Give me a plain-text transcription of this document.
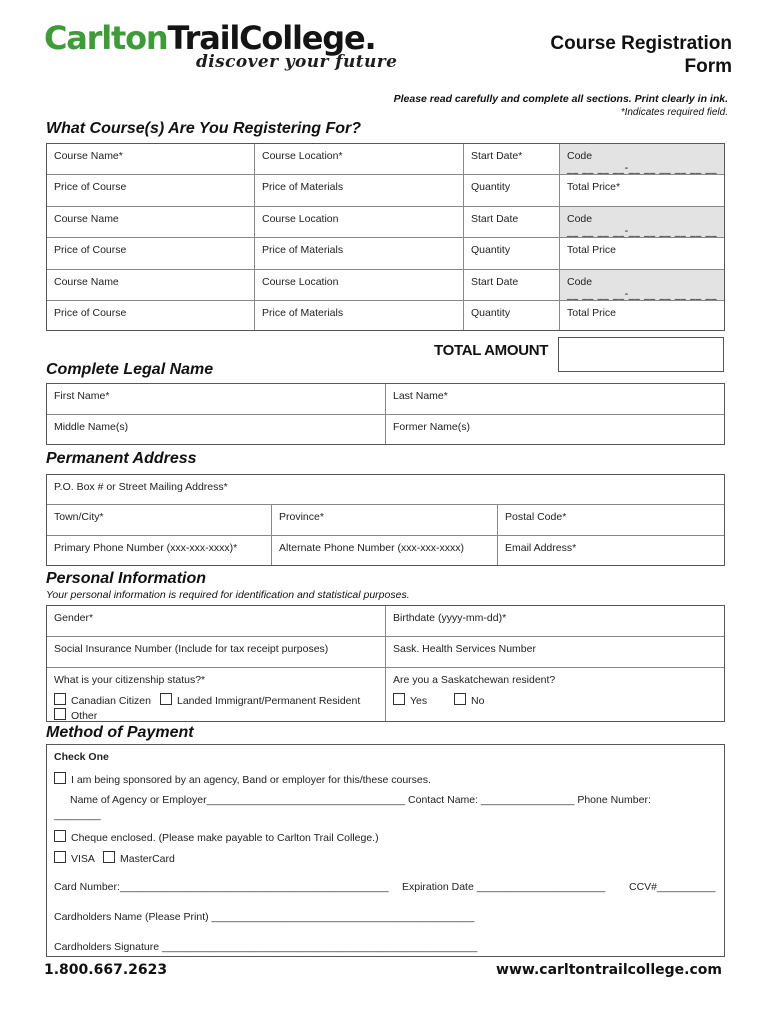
CarltonTrailCollege.
discover your future
Course Registration
Form
Please read carefully and complete all sections. Print clearly in ink.
*Indicates required field.
What Course(s) Are You Registering For?
Course Name*	Course Location*	Start Date*	Code
__ __ __ __-__ __ __ __ __ __
Price of Course	Price of Materials	Quantity	Total Price*
Course Name	Course Location	Start Date	Code
__ __ __ __-__ __ __ __ __ __
Price of Course	Price of Materials	Quantity	Total Price
Course Name	Course Location	Start Date	Code
__ __ __ __-__ __ __ __ __ __
Price of Course	Price of Materials	Quantity	Total Price
TOTAL AMOUNT
Complete Legal Name
First Name*	Last Name*
Middle Name(s)	Former Name(s)
Permanent Address
P.O. Box # or Street Mailing Address*
Town/City*	Province*	Postal Code*
Primary Phone Number (xxx-xxx-xxxx)*	Alternate Phone Number (xxx-xxx-xxxx)	Email Address*
Personal Information
Your personal information is required for identification and statistical purposes.
Gender*	Birthdate (yyyy-mm-dd)*
Social Insurance Number (Include for tax receipt purposes)	Sask. Health Services Number
What is your citizenship status?*	Are you a Saskatchewan resident?
Canadian Citizen	Landed Immigrant/Permanent Resident
Other
Yes	No
Method of Payment
Check One
I am being sponsored by an agency, Band or employer for this/these courses.
Name of Agency or Employer__________________________________ Contact Name: ________________ Phone Number:
________
Cheque enclosed. (Please make payable to Carlton Trail College.)
VISA	MasterCard
Card Number:______________________________________________ Expiration Date ______________________ CCV#__________
Cardholders Name (Please Print) _____________________________________________
Cardholders Signature ______________________________________________________
1.800.667.2623	www.carltontrailcollege.com
